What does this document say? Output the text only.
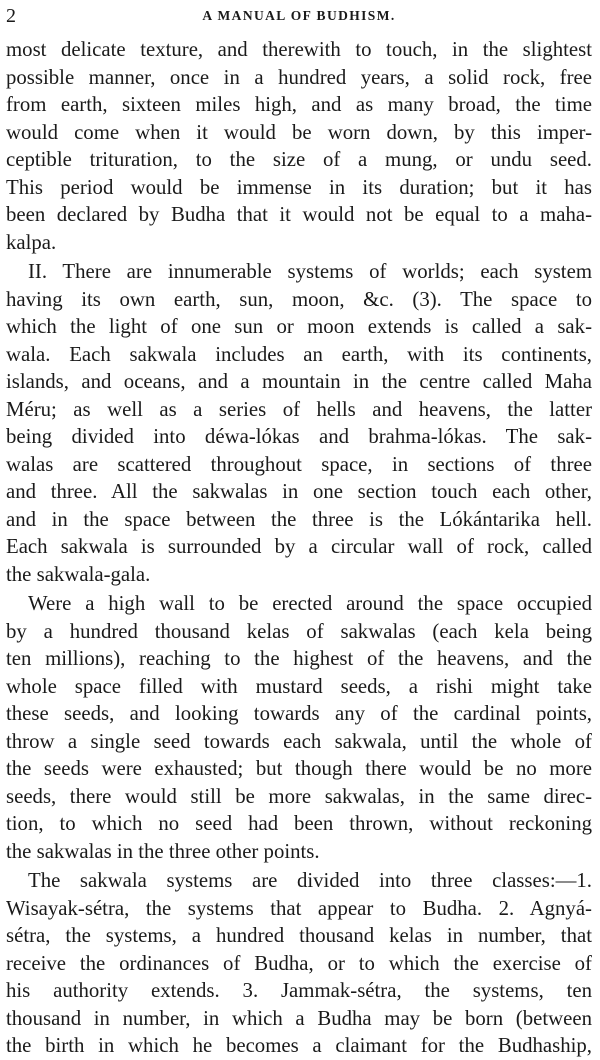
2	A MANUAL OF BUDHISM.
most delicate texture, and therewith to touch, in the slightest
possible manner, once in a hundred years, a solid rock, free
from earth, sixteen miles high, and as many broad, the time
would come when it would be worn down, by this imper-
ceptible trituration, to the size of a mung, or undu seed.
This period would be immense in its duration; but it has
been declared by Budha that it would not be equal to a maha-
kalpa.
II. There are innumerable systems of worlds; each system
having its own earth, sun, moon, &c. (3). The space to
which the light of one sun or moon extends is called a sak-
wala. Each sakwala includes an earth, with its continents,
islands, and oceans, and a mountain in the centre called Maha
Méru; as well as a series of hells and heavens, the latter
being divided into déwa-lókas and brahma-lókas. The sak-
walas are scattered throughout space, in sections of three
and three. All the sakwalas in one section touch each other,
and in the space between the three is the Lókántarika hell.
Each sakwala is surrounded by a circular wall of rock, called
the sakwala-gala.
Were a high wall to be erected around the space occupied
by a hundred thousand kelas of sakwalas (each kela being
ten millions), reaching to the highest of the heavens, and the
whole space filled with mustard seeds, a rishi might take
these seeds, and looking towards any of the cardinal points,
throw a single seed towards each sakwala, until the whole of
the seeds were exhausted; but though there would be no more
seeds, there would still be more sakwalas, in the same direc-
tion, to which no seed had been thrown, without reckoning
the sakwalas in the three other points.
The sakwala systems are divided into three classes:—1.
Wisayak-sétra, the systems that appear to Budha. 2. Agnyá-
sétra, the systems, a hundred thousand kelas in number, that
receive the ordinances of Budha, or to which the exercise of
his authority extends. 3. Jammak-sétra, the systems, ten
thousand in number, in which a Budha may be born (between
the birth in which he becomes a claimant for the Budhaship,
